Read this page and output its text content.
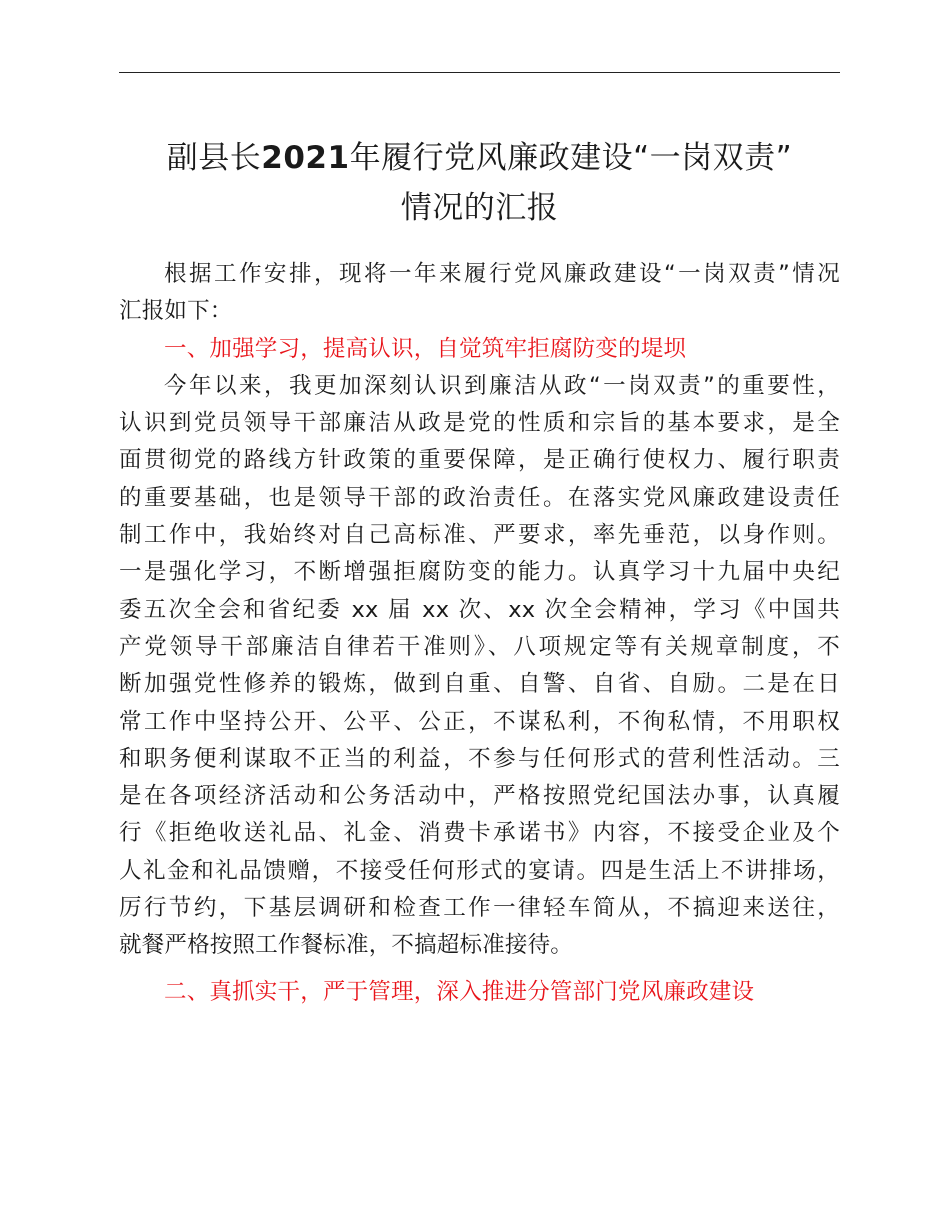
副县长2021年履行党风廉政建设“一岗双责”
情况的汇报
根据工作安排，现将一年来履行党风廉政建设“一岗双责”情况
汇报如下：
一、加强学习，提高认识，自觉筑牢拒腐防变的堤坝
今年以来，我更加深刻认识到廉洁从政“一岗双责”的重要性，
认识到党员领导干部廉洁从政是党的性质和宗旨的基本要求，是全
面贯彻党的路线方针政策的重要保障，是正确行使权力、履行职责
的重要基础，也是领导干部的政治责任。在落实党风廉政建设责任
制工作中，我始终对自己高标准、严要求，率先垂范，以身作则。
一是强化学习，不断增强拒腐防变的能力。认真学习十九届中央纪
委五次全会和省纪委 xx 届 xx 次、xx 次全会精神，学习《中国共
产党领导干部廉洁自律若干准则》、八项规定等有关规章制度，不
断加强党性修养的锻炼，做到自重、自警、自省、自励。二是在日
常工作中坚持公开、公平、公正，不谋私利，不徇私情，不用职权
和职务便利谋取不正当的利益，不参与任何形式的营利性活动。三
是在各项经济活动和公务活动中，严格按照党纪国法办事，认真履
行《拒绝收送礼品、礼金、消费卡承诺书》内容，不接受企业及个
人礼金和礼品馈赠，不接受任何形式的宴请。四是生活上不讲排场，
厉行节约，下基层调研和检查工作一律轻车简从，不搞迎来送往，
就餐严格按照工作餐标准，不搞超标准接待。
二、真抓实干，严于管理，深入推进分管部门党风廉政建设
